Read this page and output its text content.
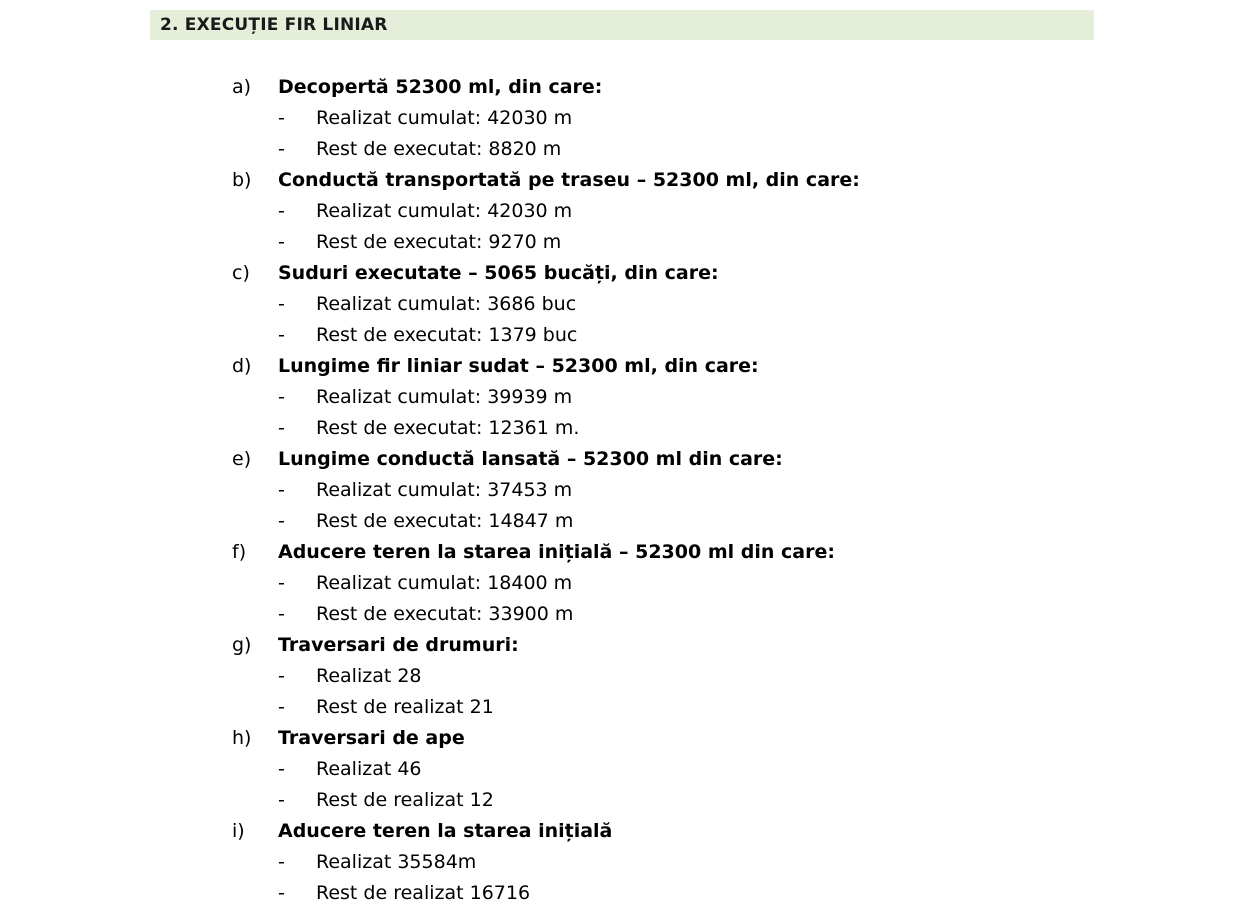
2. EXECUȚIE FIR LINIAR
a)	Decopertă 52300 ml, din care:
-	Realizat cumulat: 42030 m
-	Rest de executat: 8820 m
b)	Conductă transportată pe traseu – 52300 ml, din care:
-	Realizat cumulat: 42030 m
-	Rest de executat: 9270 m
c)	Suduri executate – 5065 bucăți, din care:
-	Realizat cumulat: 3686 buc
-	Rest de executat: 1379 buc
d)	Lungime fir liniar sudat – 52300 ml, din care:
-	Realizat cumulat: 39939 m
-	Rest de executat: 12361 m.
e)	Lungime conductă lansată – 52300 ml din care:
-	Realizat cumulat: 37453 m
-	Rest de executat: 14847 m
f)	Aducere teren la starea inițială – 52300 ml din care:
-	Realizat cumulat: 18400 m
-	Rest de executat: 33900 m
g)	Traversari de drumuri:
-	Realizat 28
-	Rest de realizat 21
h)	Traversari de ape
-	Realizat 46
-	Rest de realizat 12
i)	Aducere teren la starea inițială
-	Realizat 35584m
-	Rest de realizat 16716
